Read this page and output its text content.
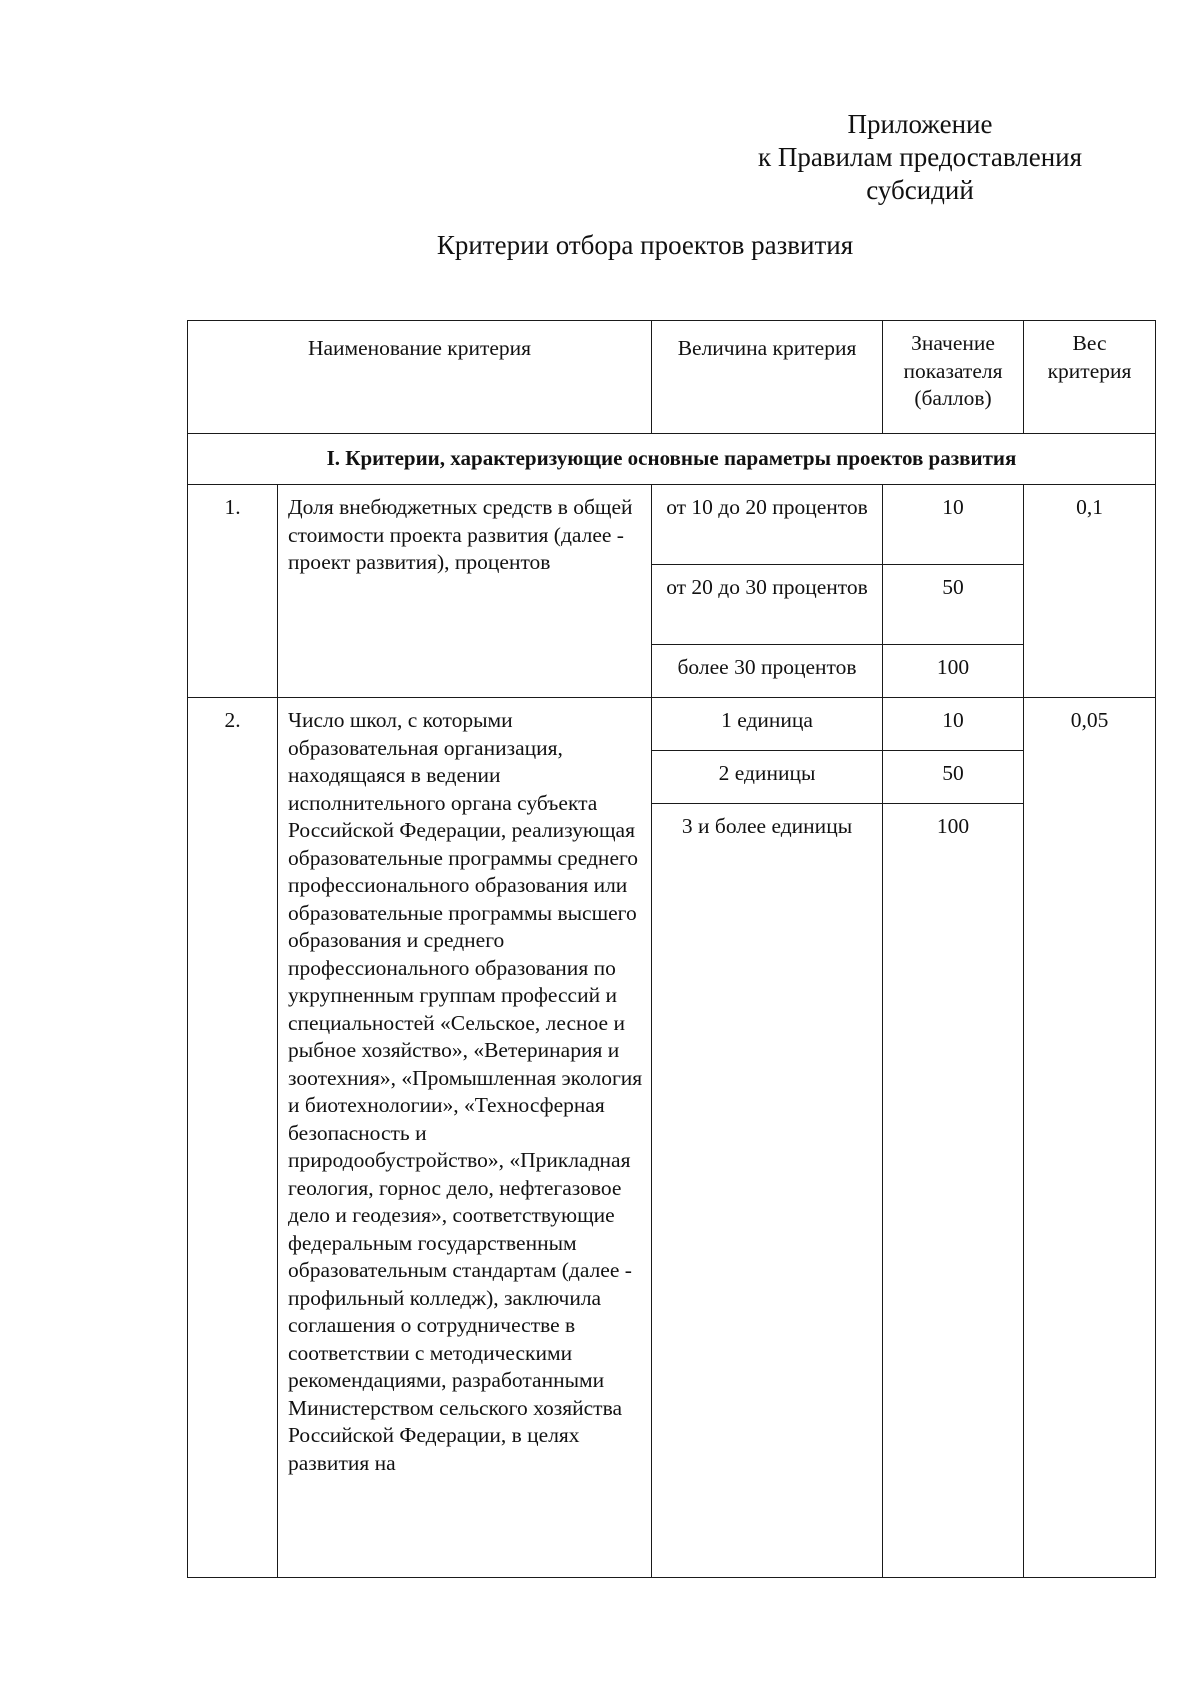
Приложение
к Правилам предоставления
субсидий
Критерии отбора проектов развития
Наименование критерия		Величина критерия	Значение показателя (баллов)	Вес критерия
I. Критерии, характеризующие основные параметры проектов развития				
1.	Доля внебюджетных средств в общей стоимости проекта развития (далее - проект развития), процентов	от 10 до 20 процентов	10	0,1
		от 20 до 30 процентов	50	
		более 30 процентов	100	
2.	Число школ, с которыми образовательная организация, находящаяся в ведении исполнительного органа субъекта Российской Федерации, реализующая образовательные программы среднего профессионального образования или образовательные программы высшего образования и среднего профессионального образования по укрупненным группам профессий и специальностей «Сельское, лесное и рыбное хозяйство», «Ветеринария и зоотехния», «Промышленная экология и биотехнологии», «Техносферная безопасность и природообустройство», «Прикладная геология, горнос дело, нефтегазовое дело и геодезия», соответствующие федеральным государственным образовательным стандартам (далее - профильный колледж), заключила соглашения о сотрудничестве в соответствии с методическими рекомендациями, разработанными Министерством сельского хозяйства Российской Федерации, в целях развития на	1 единица	10	0,05
		2 единицы	50	
		3 и более единицы	100	
